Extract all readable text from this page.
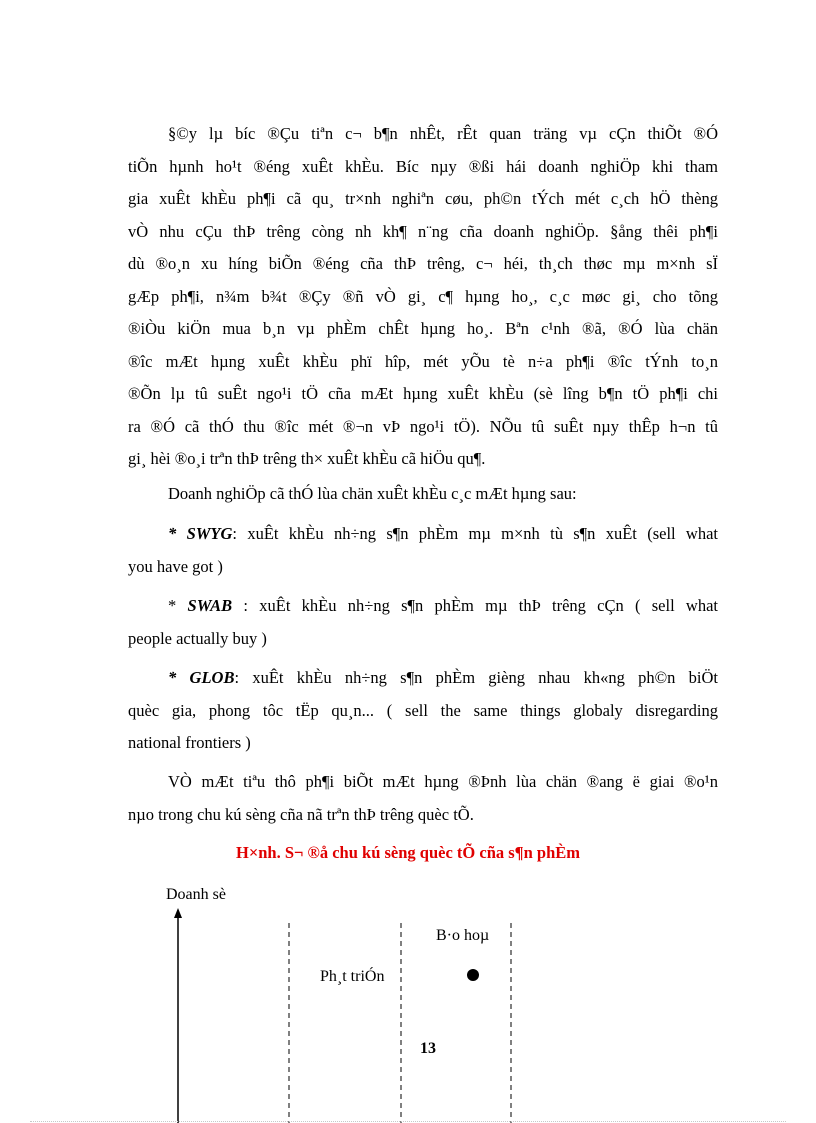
§©y lµ bíc ®Çu tiªn c¬ b¶n nhÊt, rÊt quan träng vµ cÇn thiÕt ®Ó
tiÕn hµnh ho¹t ®éng xuÊt khÈu. Bíc nµy ®ßi hái doanh nghiÖp khi tham
gia xuÊt khÈu ph¶i cã qu¸ tr×nh nghiªn cøu, ph©n tÝch mét c¸ch hÖ thèng
vÒ nhu cÇu thÞ trêng còng nh kh¶ n¨ng cña doanh nghiÖp. §ång thêi ph¶i
dù ®o¸n xu híng biÕn ®éng cña thÞ trêng, c¬ héi, th¸ch thøc mµ m×nh sÏ
gÆp ph¶i, n¾m b¾t ®Çy ®ñ vÒ gi¸ c¶ hµng ho¸, c¸c møc gi¸ cho tõng
®iÒu kiÖn mua b¸n vµ phÈm chÊt hµng ho¸. Bªn c¹nh ®ã, ®Ó lùa chän
®îc mÆt hµng xuÊt khÈu phï hîp, mét yÕu tè n÷a ph¶i ®îc tÝnh to¸n
®Õn lµ tû suÊt ngo¹i tÖ cña mÆt hµng xuÊt khÈu (sè lîng b¶n tÖ ph¶i chi
ra ®Ó cã thÓ thu ®îc mét ®¬n vÞ ngo¹i tÖ). NÕu tû suÊt nµy thÊp h¬n tû
gi¸ hèi ®o¸i trªn thÞ trêng th× xuÊt khÈu cã hiÖu qu¶.
Doanh nghiÖp cã thÓ lùa chän xuÊt khÈu c¸c mÆt hµng sau:
* SWYG: xuÊt khÈu nh÷ng s¶n phÈm mµ m×nh tù s¶n xuÊt (sell what
you have got )
* SWAB : xuÊt khÈu nh÷ng s¶n phÈm mµ thÞ trêng cÇn ( sell what
people actually buy )
* GLOB: xuÊt khÈu nh÷ng s¶n phÈm gièng nhau kh«ng ph©n biÖt
quèc gia, phong tôc tËp qu¸n... ( sell the same things globaly disregarding
national frontiers )
VÒ mÆt tiªu thô ph¶i biÕt mÆt hµng ®Þnh lùa chän ®ang ë giai ®o¹n
nµo trong chu kú sèng cña nã trªn thÞ trêng quèc tÕ.
H×nh. S¬ ®å chu kú sèng quèc tÕ cña s¶n phÈm
Doanh sè
Ph¸t triÓn
B·o hoµ
13
